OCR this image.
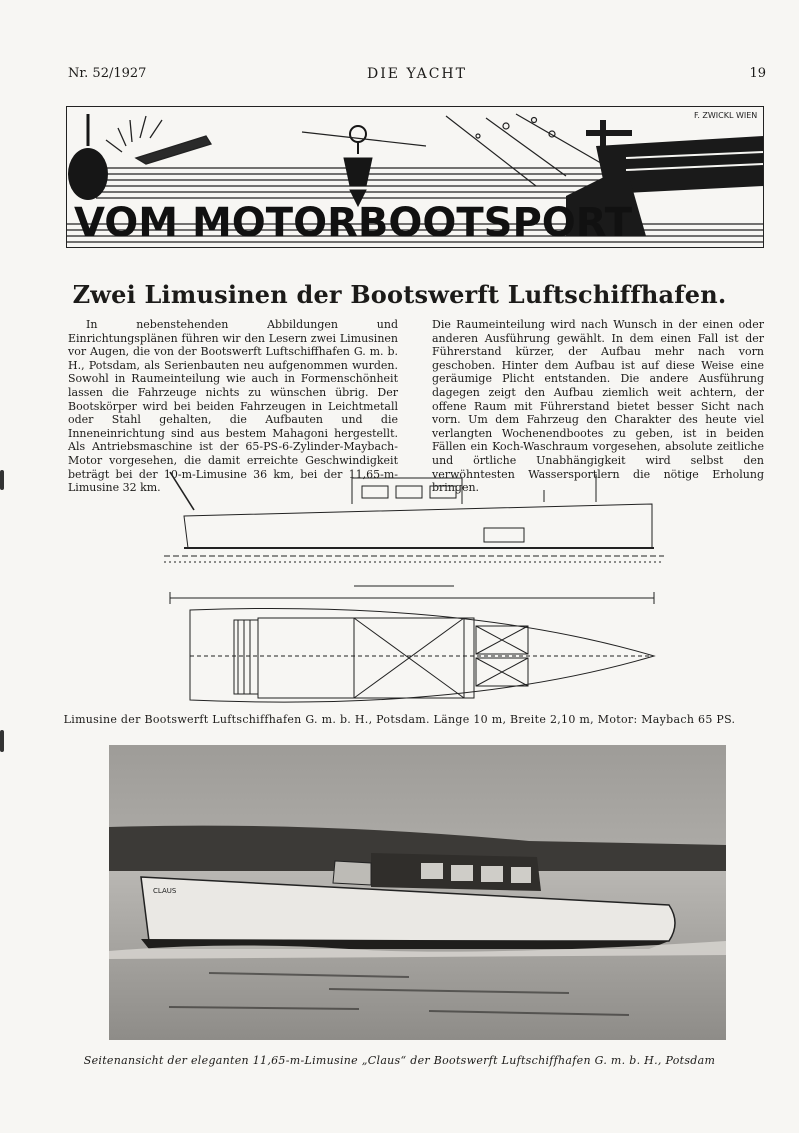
Nr. 52/1927	DIE YACHT	19
VOM MOTORBOOTSPORT
F. ZWICKL WIEN
Zwei Limusinen der Bootswerft Luftschiffhafen.
In nebenstehenden Abbildungen und Einrichtungsplänen führen wir den Lesern zwei Limusinen vor Augen, die von der Bootswerft Luftschiffhafen G. m. b. H., Potsdam, als Serienbauten neu aufgenommen wurden. Sowohl in Raumeinteilung wie auch in Formenschönheit lassen die Fahrzeuge nichts zu wünschen übrig. Der Bootskörper wird bei beiden Fahrzeugen in Leichtmetall oder Stahl gehalten, die Aufbauten und die Inneneinrichtung sind aus bestem Mahagoni hergestellt. Als Antriebsmaschine ist der 65-PS-6-Zylinder-Maybach-Motor vorgesehen, die damit erreichte Geschwindigkeit beträgt bei der 10-m-Limusine 36 km, bei der 11,65-m-Limusine 32 km.
Die Raumeinteilung wird nach Wunsch in der einen oder anderen Ausführung gewählt. In dem einen Fall ist der Führerstand kürzer, der Aufbau mehr nach vorn geschoben. Hinter dem Aufbau ist auf diese Weise eine geräumige Plicht entstanden. Die andere Ausführung dagegen zeigt den Aufbau ziemlich weit achtern, der offene Raum mit Führerstand bietet besser Sicht nach vorn. Um dem Fahrzeug den Charakter des heute viel verlangten Wochenendbootes zu geben, ist in beiden Fällen ein Koch-Waschraum vorgesehen, absolute zeitliche und örtliche Unabhängigkeit wird selbst den verwöhntesten Wassersportlern die nötige Erholung bringen.
Limusine der Bootswerft Luftschiffhafen G. m. b. H., Potsdam. Länge 10 m, Breite 2,10 m, Motor: Maybach 65 PS.
CLAUS
Seitenansicht der eleganten 11,65-m-Limusine „Claus“ der Bootswerft Luftschiffhafen G. m. b. H., Potsdam
